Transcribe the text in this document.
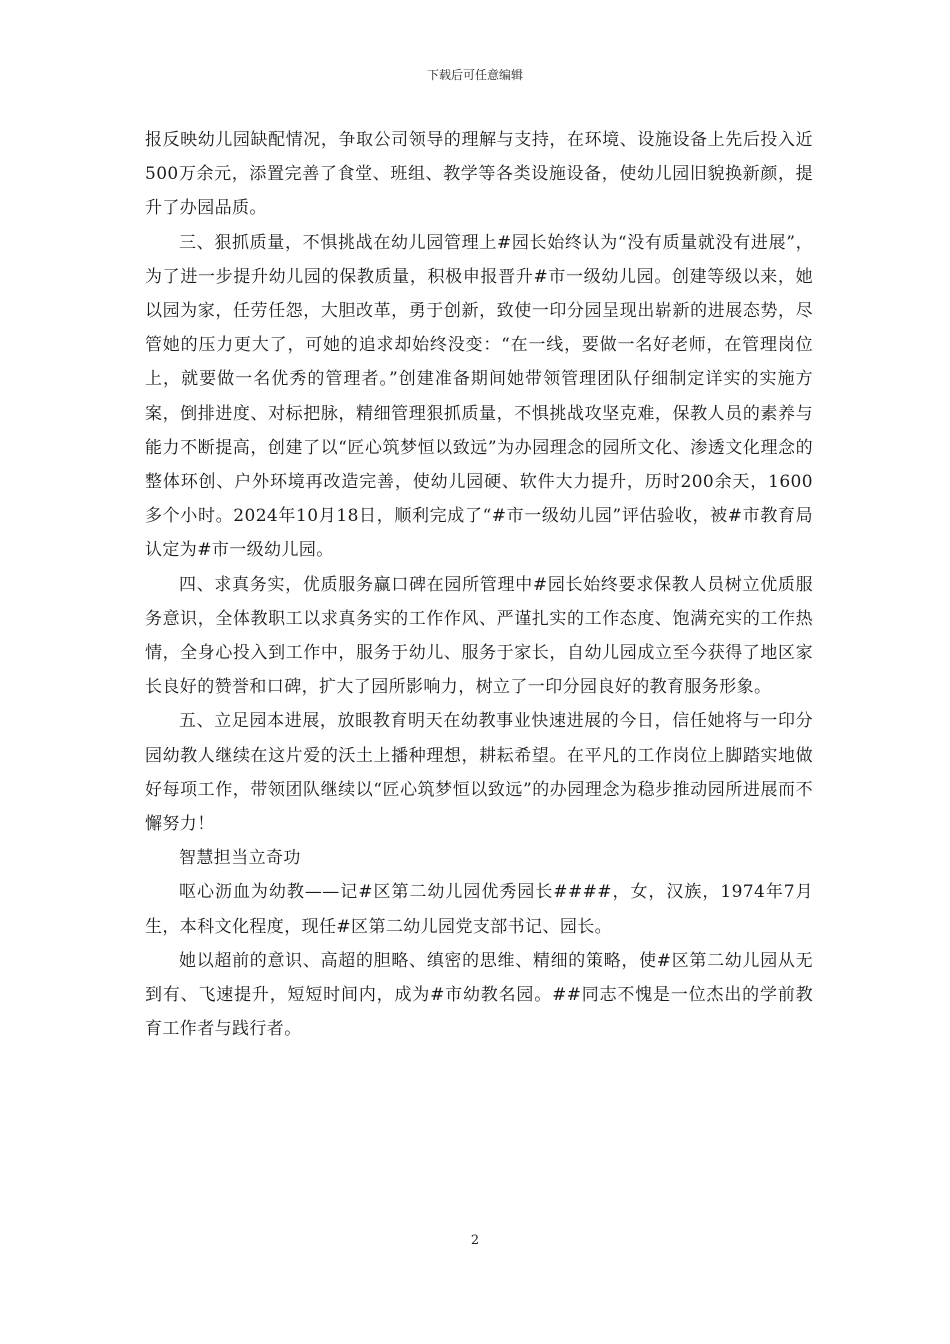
下载后可任意编辑

报反映幼儿园缺配情况，争取公司领导的理解与支持，在环境、设施设备上先后投入近500万余元，添置完善了食堂、班组、教学等各类设施设备，使幼儿园旧貌换新颜，提升了办园品质。

三、狠抓质量，不惧挑战在幼儿园管理上#园长始终认为“没有质量就没有进展”，为了进一步提升幼儿园的保教质量，积极申报晋升#市一级幼儿园。创建等级以来，她以园为家，任劳任怨，大胆改革，勇于创新，致使一印分园呈现出崭新的进展态势，尽管她的压力更大了，可她的追求却始终没变：“在一线，要做一名好老师，在管理岗位上，就要做一名优秀的管理者。”创建准备期间她带领管理团队仔细制定详实的实施方案，倒排进度、对标把脉，精细管理狠抓质量，不惧挑战攻坚克难，保教人员的素养与能力不断提高，创建了以“匠心筑梦恒以致远”为办园理念的园所文化、渗透文化理念的整体环创、户外环境再改造完善，使幼儿园硬、软件大力提升，历时200余天，1600多个小时。2024年10月18日，顺利完成了“#市一级幼儿园”评估验收，被#市教育局认定为#市一级幼儿园。

四、求真务实，优质服务赢口碑在园所管理中#园长始终要求保教人员树立优质服务意识，全体教职工以求真务实的工作作风、严谨扎实的工作态度、饱满充实的工作热情，全身心投入到工作中，服务于幼儿、服务于家长，自幼儿园成立至今获得了地区家长良好的赞誉和口碑，扩大了园所影响力，树立了一印分园良好的教育服务形象。

五、立足园本进展，放眼教育明天在幼教事业快速进展的今日，信任她将与一印分园幼教人继续在这片爱的沃土上播种理想，耕耘希望。在平凡的工作岗位上脚踏实地做好每项工作，带领团队继续以“匠心筑梦恒以致远”的办园理念为稳步推动园所进展而不懈努力！

智慧担当立奇功

呕心沥血为幼教——记#区第二幼儿园优秀园长####，女，汉族，1974年7月生，本科文化程度，现任#区第二幼儿园党支部书记、园长。

她以超前的意识、高超的胆略、缜密的思维、精细的策略，使#区第二幼儿园从无到有、飞速提升，短短时间内，成为#市幼教名园。##同志不愧是一位杰出的学前教育工作者与践行者。

2
